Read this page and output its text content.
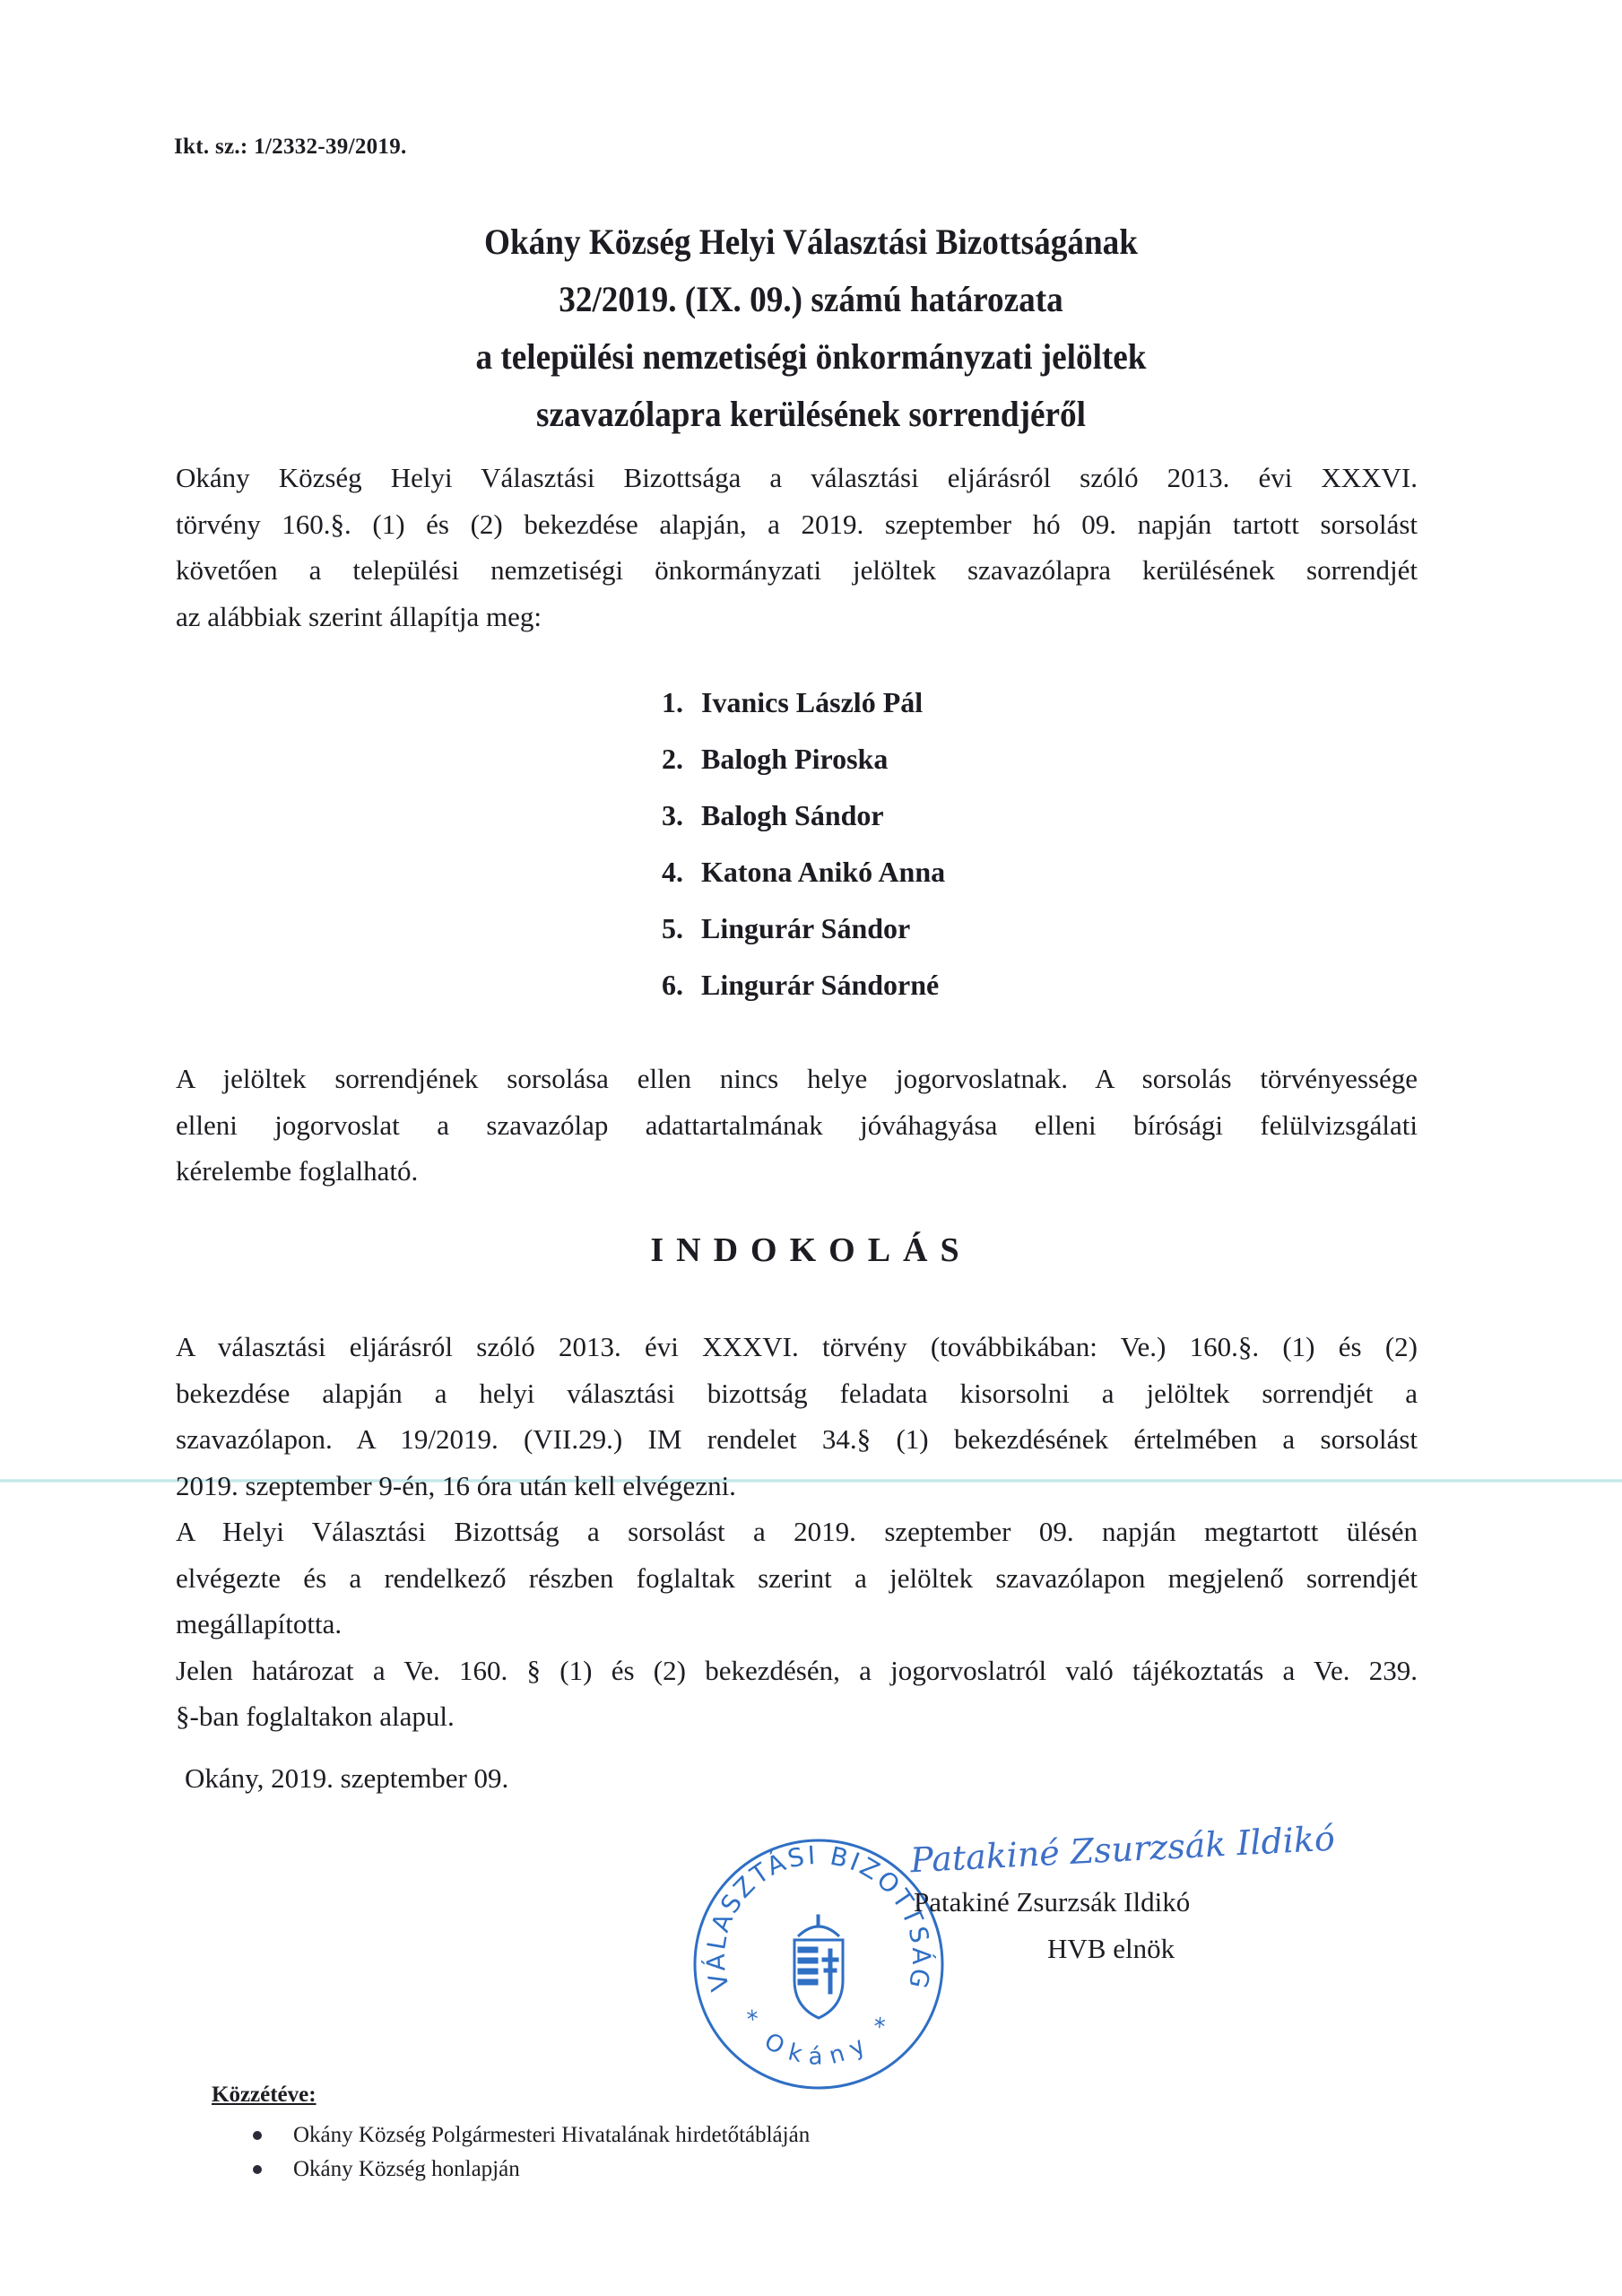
Ikt. sz.: 1/2332-39/2019.
Okány Község Helyi Választási Bizottságának
32/2019. (IX. 09.) számú határozata
a települési nemzetiségi önkormányzati jelöltek
szavazólapra kerülésének sorrendjéről
Okány Község Helyi Választási Bizottsága a választási eljárásról szóló 2013. évi XXXVI.
törvény 160.§. (1) és (2) bekezdése alapján, a 2019. szeptember hó 09. napján tartott sorsolást
követően a települési nemzetiségi önkormányzati jelöltek szavazólapra kerülésének sorrendjét
az alábbiak szerint állapítja meg:
1. Ivanics László Pál
2. Balogh Piroska
3. Balogh Sándor
4. Katona Anikó Anna
5. Lingurár Sándor
6. Lingurár Sándorné
A jelöltek sorrendjének sorsolása ellen nincs helye jogorvoslatnak. A sorsolás törvényessége
elleni jogorvoslat a szavazólap adattartalmának jóváhagyása elleni bírósági felülvizsgálati
kérelembe foglalható.
INDOKOLÁS
A választási eljárásról szóló 2013. évi XXXVI. törvény (továbbikában: Ve.) 160.§. (1) és (2)
bekezdése alapján a helyi választási bizottság feladata kisorsolni a jelöltek sorrendjét a
szavazólapon. A 19/2019. (VII.29.) IM rendelet 34.§ (1) bekezdésének értelmében a sorsolást
2019. szeptember 9-én, 16 óra után kell elvégezni.
A Helyi Választási Bizottság a sorsolást a 2019. szeptember 09. napján megtartott ülésén
elvégezte és a rendelkező részben foglaltak szerint a jelöltek szavazólapon megjelenő sorrendjét
megállapította.
Jelen határozat a Ve. 160. § (1) és (2) bekezdésén, a jogorvoslatról való tájékoztatás a Ve. 239.
§-ban foglaltakon alapul.
Okány, 2019. szeptember 09.
VÁLASZTÁSI BIZOTTSÁG
* Okány *
Patakiné Zsurzsák Ildikó
Patakiné Zsurzsák Ildikó
HVB elnök
Közzétéve:
Okány Község Polgármesteri Hivatalának hirdetőtábláján
Okány Község honlapján
